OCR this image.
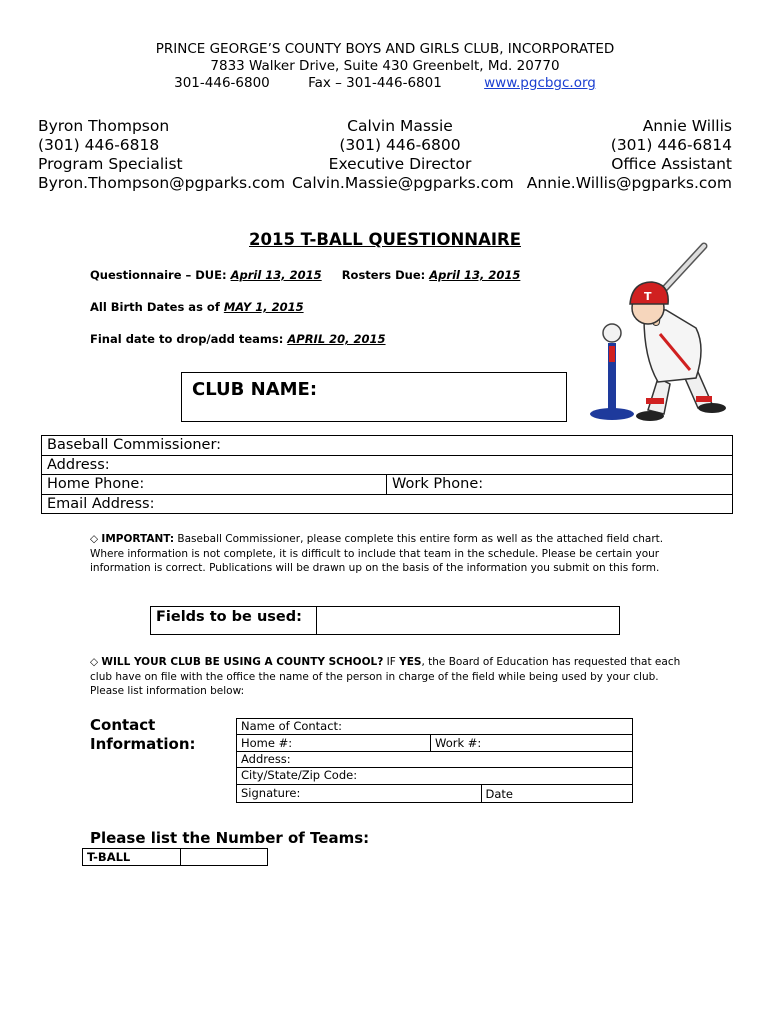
PRINCE GEORGE’S COUNTY BOYS AND GIRLS CLUB, INCORPORATED
7833 Walker Drive, Suite 430 Greenbelt, Md. 20770
301-446-6800	Fax – 301-446-6801	www.pgcbgc.org
Byron Thompson
(301) 446-6818
Program Specialist
Byron.Thompson@pgparks.com
Calvin Massie
(301) 446-6800
Executive Director
Calvin.Massie@pgparks.com
Annie Willis
(301) 446-6814
Office Assistant
Annie.Willis@pgparks.com
2015 T-BALL QUESTIONNAIRE
Questionnaire – DUE: April 13, 2015 Rosters Due: April 13, 2015
All Birth Dates as of MAY 1, 2015
Final date to drop/add teams: APRIL 20, 2015
T
CLUB NAME:
Baseball Commissioner:
Address:
Home Phone:	Work Phone:
Email Address:
◇ IMPORTANT: Baseball Commissioner, please complete this entire form as well as the attached field chart. Where information is not complete, it is difficult to include that team in the schedule. Please be certain your information is correct. Publications will be drawn up on the basis of the information you submit on this form.
Fields to be used:	
◇ WILL YOUR CLUB BE USING A COUNTY SCHOOL? IF YES, the Board of Education has requested that each club have on file with the office the name of the person in charge of the field while being used by your club. Please list information below:
Contact
Information:
Name of Contact:
Home #:	Work #:
Address:
City/State/Zip Code:

Signature:	Date
Please list the Number of Teams:
T-BALL	
